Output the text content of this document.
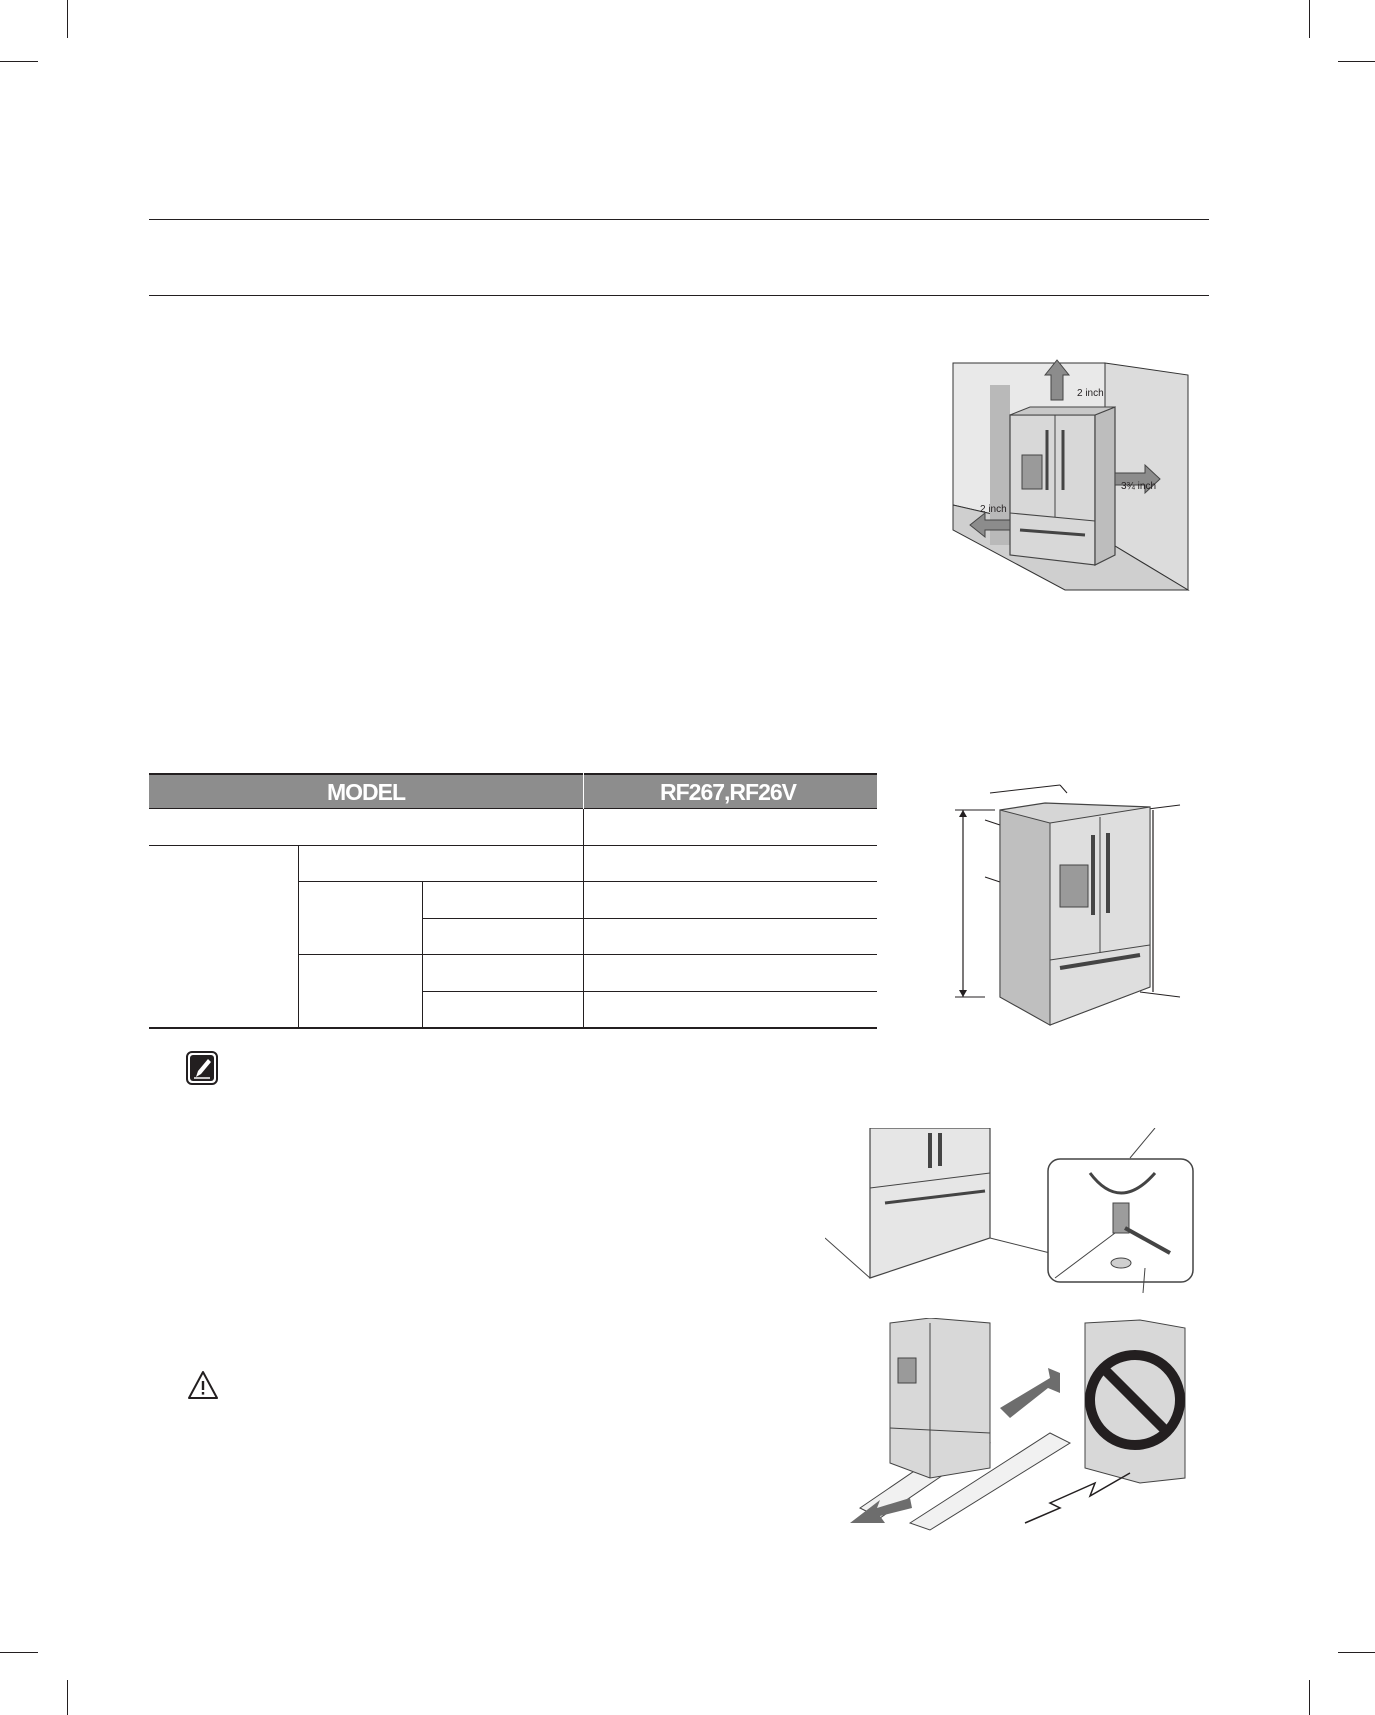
2 inch
3¾ inch
2 inch
MODEL	RF267,RF26V
